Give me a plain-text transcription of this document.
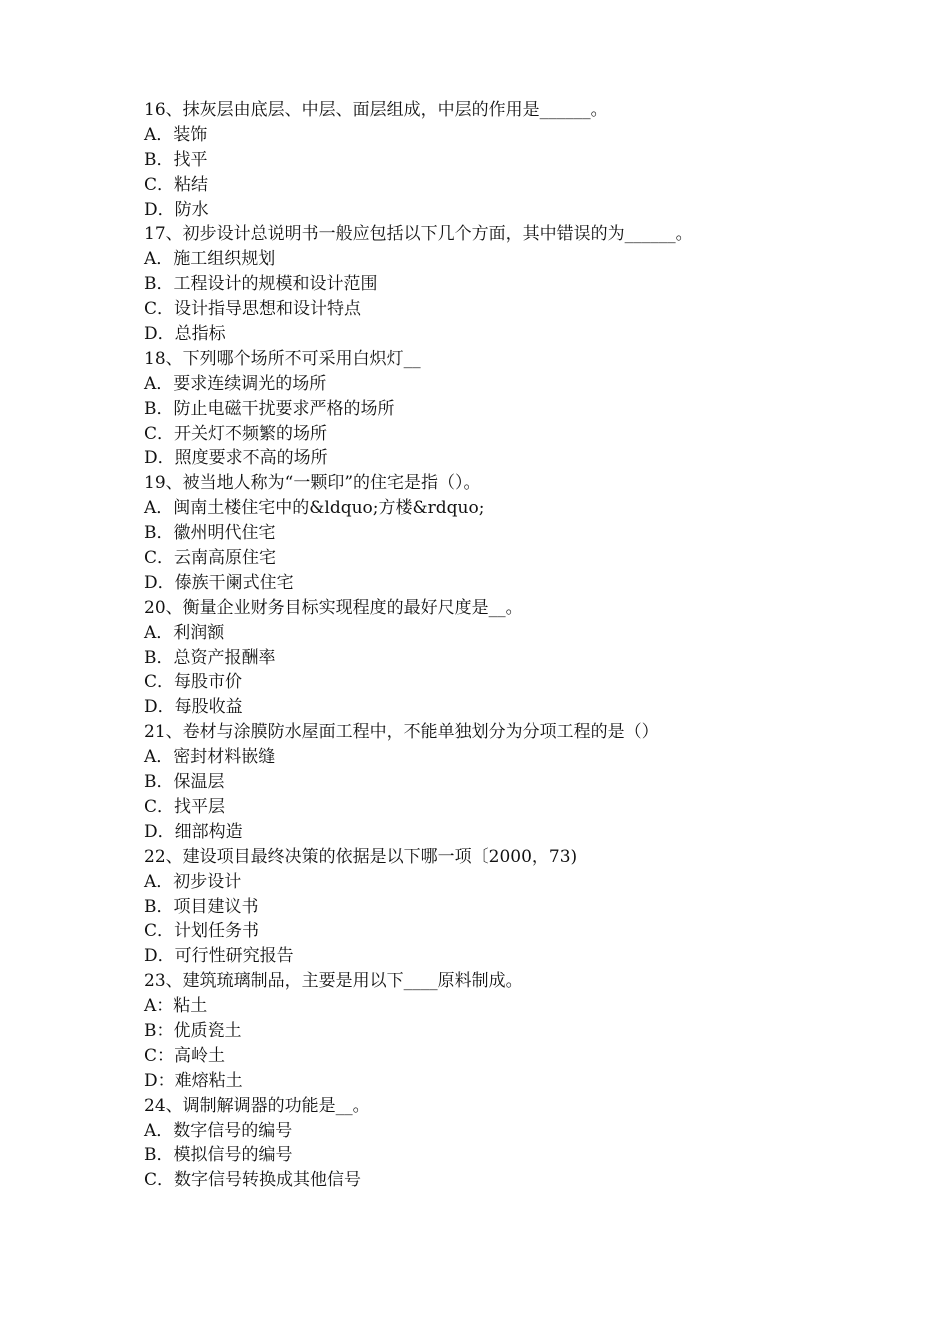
16、抹灰层由底层、中层、面层组成，中层的作用是______。
A．装饰
B．找平
C．粘结
D．防水
17、初步设计总说明书一般应包括以下几个方面，其中错误的为______。
A．施工组织规划
B．工程设计的规模和设计范围
C．设计指导思想和设计特点
D．总指标
18、下列哪个场所不可采用白炽灯__
A．要求连续调光的场所
B．防止电磁干扰要求严格的场所
C．开关灯不频繁的场所
D．照度要求不高的场所
19、被当地人称为“一颗印”的住宅是指（）。
A．闽南土楼住宅中的&ldquo;方楼&rdquo;
B．徽州明代住宅
C．云南高原住宅
D．傣族干阑式住宅
20、衡量企业财务目标实现程度的最好尺度是__。
A．利润额
B．总资产报酬率
C．每股市价
D．每股收益
21、卷材与涂膜防水屋面工程中，不能单独划分为分项工程的是（）
A．密封材料嵌缝
B．保温层
C．找平层
D．细部构造
22、建设项目最终决策的依据是以下哪一项〔2000，73)
A．初步设计
B．项目建议书
C．计划任务书
D．可行性研究报告
23、建筑琉璃制品，主要是用以下____原料制成。
A：粘土
B：优质瓷土
C：高岭土
D：难熔粘土
24、调制解调器的功能是__。
A．数字信号的编号
B．模拟信号的编号
C．数字信号转换成其他信号
